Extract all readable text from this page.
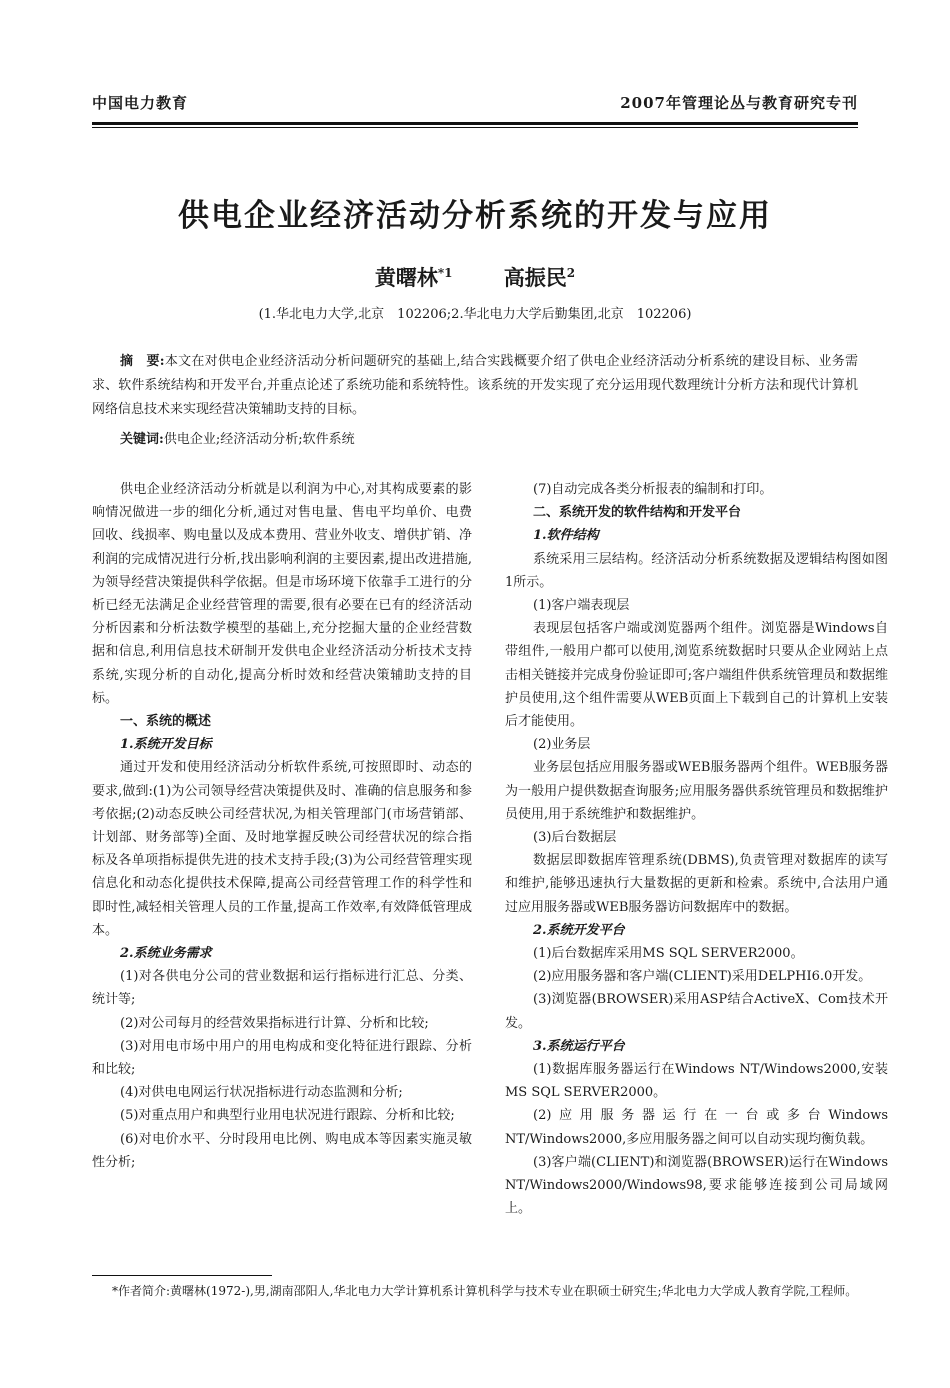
中国电力教育	2007年管理论丛与教育研究专刊
供电企业经济活动分析系统的开发与应用
黄曙林$^{*1}$ 高振民$^2$
(1.华北电力大学,北京　102206;2.华北电力大学后勤集团,北京　102206)
摘　要:本文在对供电企业经济活动分析问题研究的基础上,结合实践概要介绍了供电企业经济活动分析系统的建设目标、业务需求、软件系统结构和开发平台,并重点论述了系统功能和系统特性。该系统的开发实现了充分运用现代数理统计分析方法和现代计算机网络信息技术来实现经营决策辅助支持的目标。
关键词:供电企业;经济活动分析;软件系统

供电企业经济活动分析就是以利润为中心,对其构成要素的影响情况做进一步的细化分析,通过对售电量、售电平均单价、电费回收、线损率、购电量以及成本费用、营业外收支、增供扩销、净利润的完成情况进行分析,找出影响利润的主要因素,提出改进措施,为领导经营决策提供科学依据。但是市场环境下依靠手工进行的分析已经无法满足企业经营管理的需要,很有必要在已有的经济活动分析因素和分析法数学模型的基础上,充分挖掘大量的企业经营数据和信息,利用信息技术研制开发供电企业经济活动分析技术支持系统,实现分析的自动化,提高分析时效和经营决策辅助支持的目标。

一、系统的概述

1.系统开发目标

通过开发和使用经济活动分析软件系统,可按照即时、动态的要求,做到:(1)为公司领导经营决策提供及时、准确的信息服务和参考依据;(2)动态反映公司经营状况,为相关管理部门(市场营销部、计划部、财务部等)全面、及时地掌握反映公司经营状况的综合指标及各单项指标提供先进的技术支持手段;(3)为公司经营管理实现信息化和动态化提供技术保障,提高公司经营管理工作的科学性和即时性,减轻相关管理人员的工作量,提高工作效率,有效降低管理成本。

2.系统业务需求

(1)对各供电分公司的营业数据和运行指标进行汇总、分类、统计等;

(2)对公司每月的经营效果指标进行计算、分析和比较;

(3)对用电市场中用户的用电构成和变化特征进行跟踪、分析和比较;

(4)对供电电网运行状况指标进行动态监测和分析;

(5)对重点用户和典型行业用电状况进行跟踪、分析和比较;

(6)对电价水平、分时段用电比例、购电成本等因素实施灵敏性分析;

(7)自动完成各类分析报表的编制和打印。

二、系统开发的软件结构和开发平台

1.软件结构

系统采用三层结构。经济活动分析系统数据及逻辑结构图如图1所示。

(1)客户端表现层

表现层包括客户端或浏览器两个组件。浏览器是Windows自带组件,一般用户都可以使用,浏览系统数据时只要从企业网站上点击相关链接并完成身份验证即可;客户端组件供系统管理员和数据维护员使用,这个组件需要从WEB页面上下载到自己的计算机上安装后才能使用。

(2)业务层

业务层包括应用服务器或WEB服务器两个组件。WEB服务器为一般用户提供数据查询服务;应用服务器供系统管理员和数据维护员使用,用于系统维护和数据维护。

(3)后台数据层

数据层即数据库管理系统(DBMS),负责管理对数据库的读写和维护,能够迅速执行大量数据的更新和检索。系统中,合法用户通过应用服务器或WEB服务器访问数据库中的数据。

2.系统开发平台

(1)后台数据库采用MS SQL SERVER2000。

(2)应用服务器和客户端(CLIENT)采用DELPHI6.0开发。

(3)浏览器(BROWSER)采用ASP结合ActiveX、Com技术开发。

3.系统运行平台

(1)数据库服务器运行在Windows NT/Windows2000,安装MS SQL SERVER2000。

(2)应用服务器运行在一台或多台Windows NT/Windows2000,多应用服务器之间可以自动实现均衡负载。

(3)客户端(CLIENT)和浏览器(BROWSER)运行在Windows NT/Windows2000/Windows98,要求能够连接到公司局域网上。

*作者简介:黄曙林(1972-),男,湖南邵阳人,华北电力大学计算机系计算机科学与技术专业在职硕士研究生;华北电力大学成人教育学院,工程师。
